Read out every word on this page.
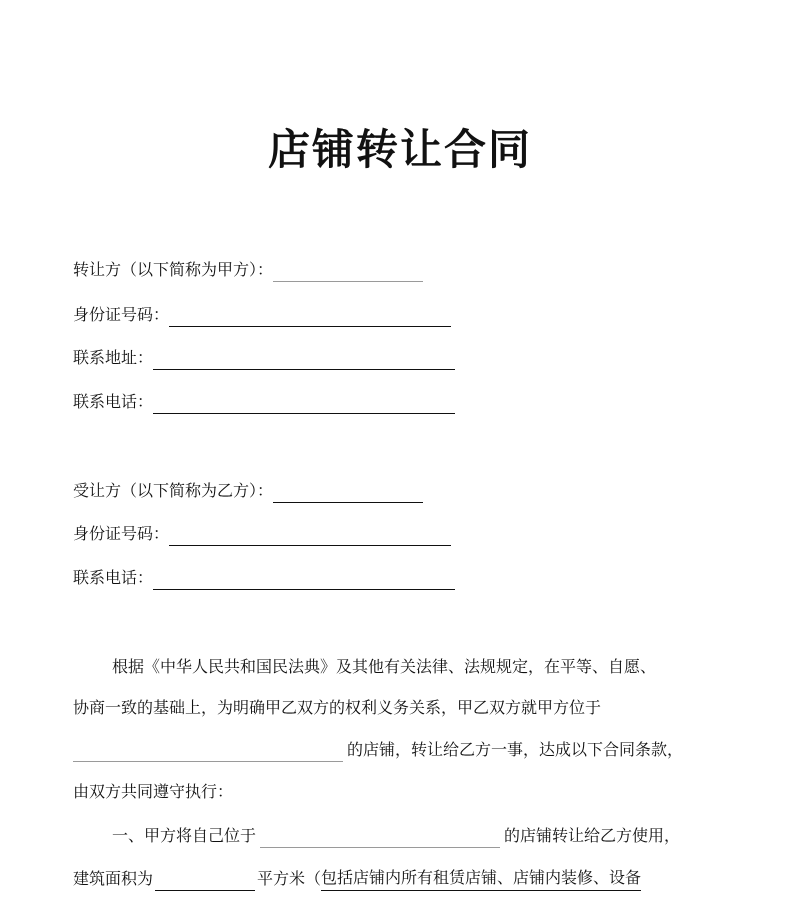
店铺转让合同
转让方（以下简称为甲方）：
身份证号码：
联系地址：
联系电话：
受让方（以下简称为乙方）：
身份证号码：
联系电话：
根据《中华人民共和国民法典》及其他有关法律、法规规定，在平等、自愿、
协商一致的基础上，为明确甲乙双方的权利义务关系，甲乙双方就甲方位于
的店铺，转让给乙方一事，达成以下合同条款，
由双方共同遵守执行：
一、甲方将自己位于	的店铺转让给乙方使用，
建筑面积为	平方米（ 包括店铺内所有租赁店铺、店铺内装修、设备
